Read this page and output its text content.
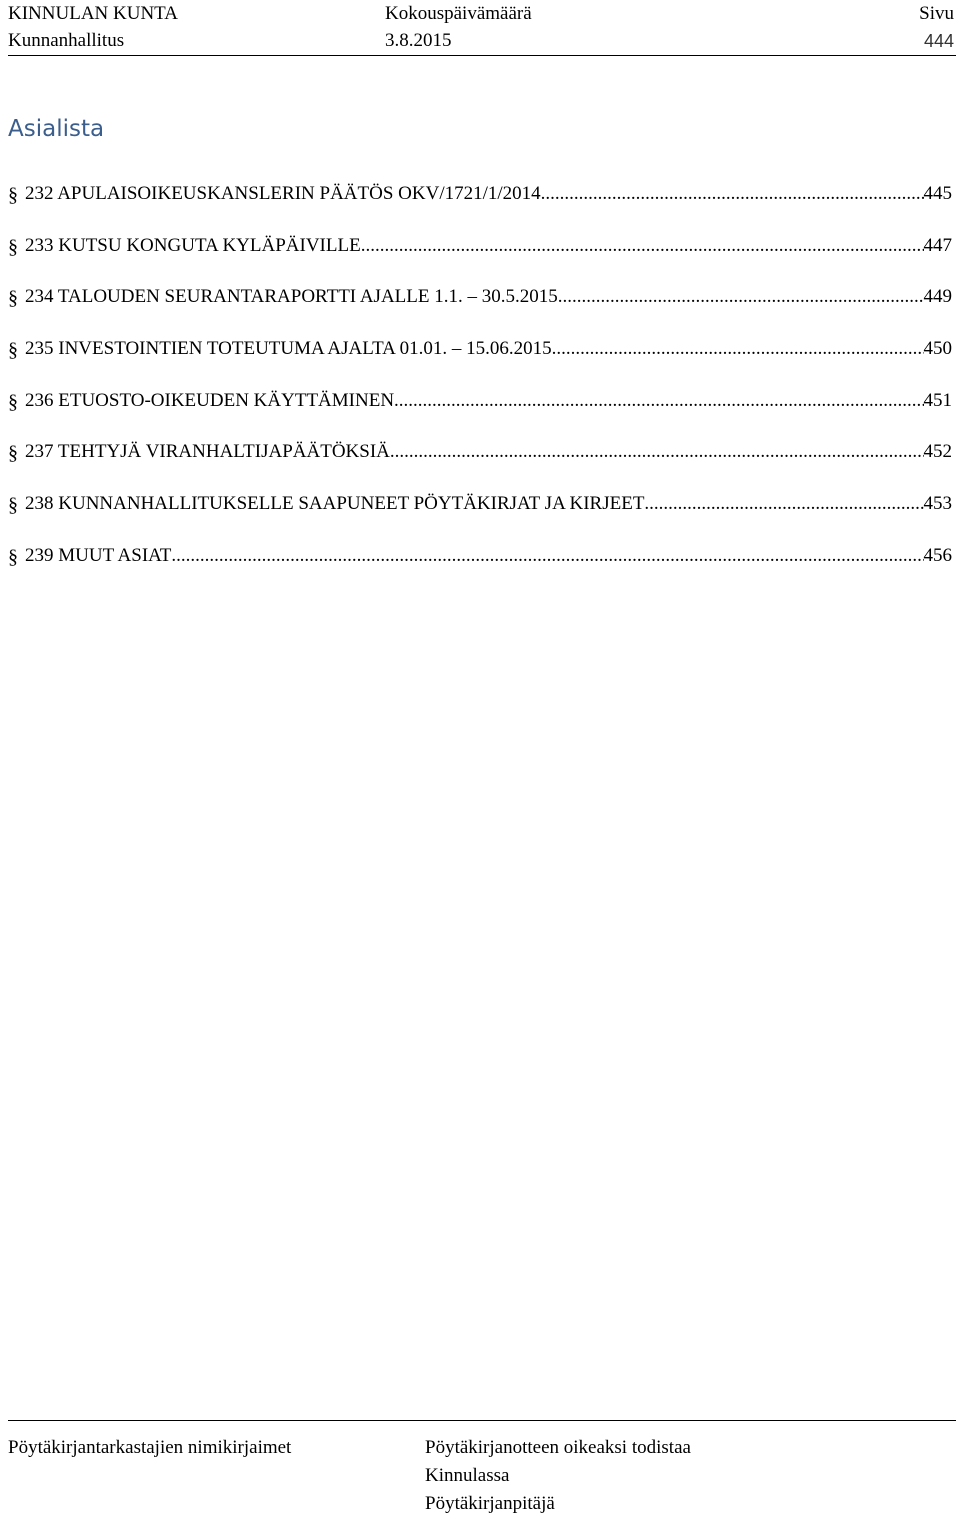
KINNULAN KUNTA	Kokouspäivämäärä	Sivu
Kunnanhallitus	3.8.2015	444
Asialista
§ 232 APULAISOIKEUSKANSLERIN PÄÄTÖS OKV/1721/1/2014 .....	445
§ 233 KUTSU KONGUTA KYLÄPÄIVILLE .....	447
§ 234 TALOUDEN SEURANTARAPORTTI AJALLE 1.1. – 30.5.2015 .....	449
§ 235 INVESTOINTIEN TOTEUTUMA AJALTA 01.01. – 15.06.2015 .....	450
§ 236 ETUOSTO-OIKEUDEN KÄYTTÄMINEN .....	451
§ 237 TEHTYJÄ VIRANHALTIJAPÄÄTÖKSIÄ .....	452
§ 238 KUNNANHALLITUKSELLE SAAPUNEET PÖYTÄKIRJAT JA KIRJEET .....	453
§ 239 MUUT ASIAT .....	456
Pöytäkirjantarkastajien nimikirjaimet	Pöytäkirjanotteen oikeaksi todistaa
Kinnulassa
Pöytäkirjanpitäjä
